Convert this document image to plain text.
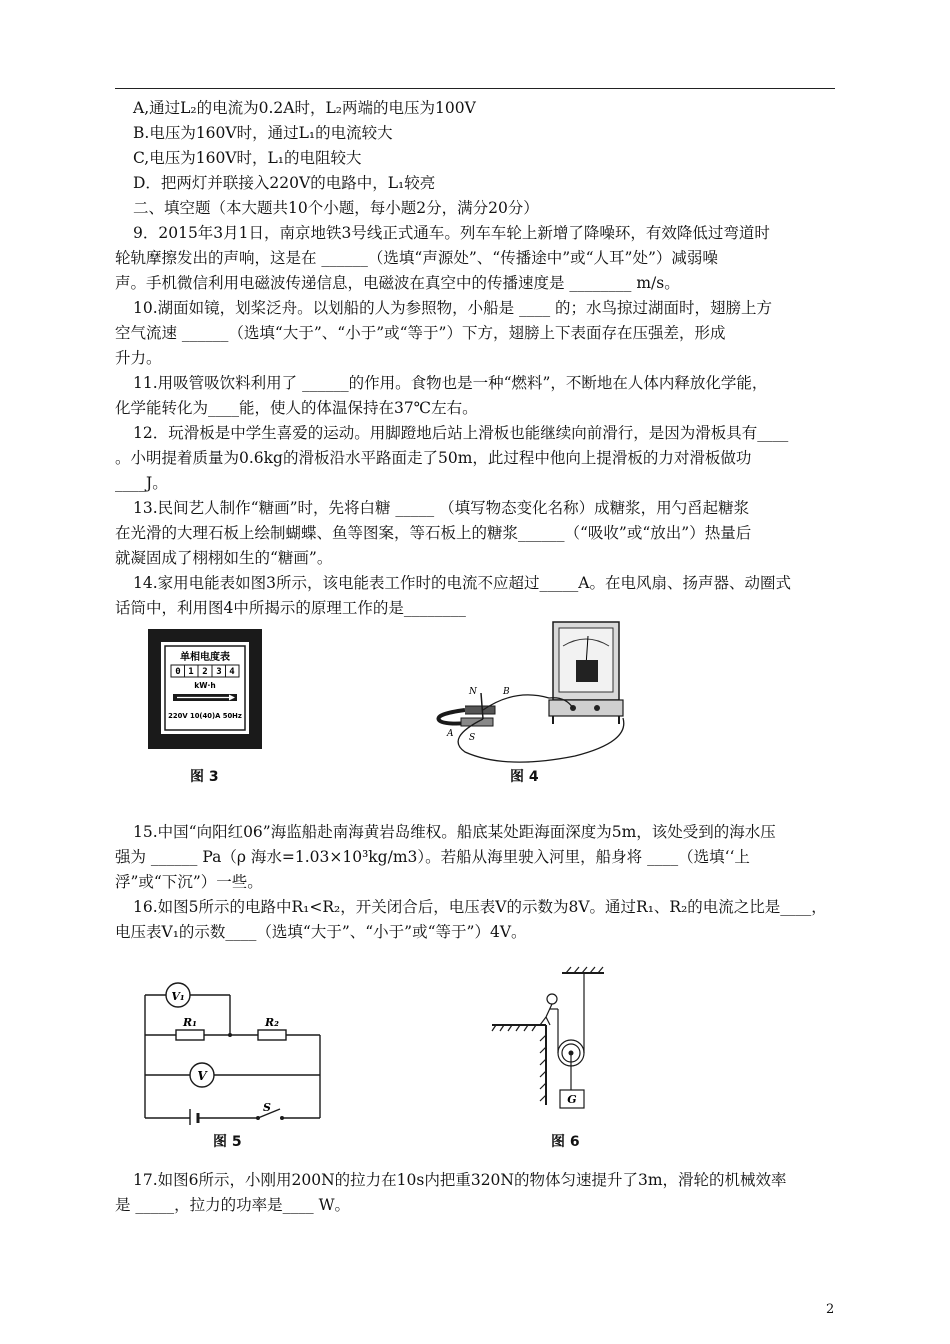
A,通过L₂的电流为0.2A时，L₂两端的电压为100V
B.电压为160V时，通过L₁的电流较大
C,电压为160V时，L₁的电阻较大
D．把两灯并联接入220V的电路中，L₁较亮
二、填空题（本大题共10个小题，每小题2分，满分20分）
9．2015年3月1日，南京地铁3号线正式通车。列车车轮上新增了降噪环，有效降低过弯道时
轮轨摩擦发出的声响，这是在 ______（选填“声源处”、“传播途中”或“人耳”处”）减弱噪
声。手机微信利用电磁波传递信息，电磁波在真空中的传播速度是 ________ m/s。
10.湖面如镜，划桨泛舟。以划船的人为参照物，小船是 ____ 的；水鸟掠过湖面时，翅膀上方
空气流速 ______（选填“大于”、“小于”或“等于”）下方，翅膀上下表面存在压强差，形成
升力。
11.用吸管吸饮料利用了 ______的作用。食物也是一种“燃料”，不断地在人体内释放化学能，
化学能转化为____能，使人的体温保持在37℃左右。
12．玩滑板是中学生喜爱的运动。用脚蹬地后站上滑板也能继续向前滑行，是因为滑板具有____
。小明提着质量为0.6kg的滑板沿水平路面走了50m，此过程中他向上提滑板的力对滑板做功
____J。
13.民间艺人制作“糖画”时，先将白糖 _____ （填写物态变化名称）成糖浆，用勺舀起糖浆
在光滑的大理石板上绘制蝴蝶、鱼等图案，等石板上的糖浆______（“吸收”或“放出”）热量后
就凝固成了栩栩如生的“糖画”。
14.家用电能表如图3所示，该电能表工作时的电流不应超过_____A。在电风扇、扬声器、动圈式
话筒中，利用图4中所揭示的原理工作的是________
单相电度表
0 1 2 3 4
kW·h
220V 10(40)A 50Hz
图 3
N	B
A S
图 4
15.中国“向阳红06”海监船赴南海黄岩岛维权。船底某处距海面深度为5m，该处受到的海水压
强为 ______ Pa（ρ 海水=1.03×10³kg/m3）。若船从海里驶入河里，船身将 ____（选填‘‘上
浮”或“下沉”）一些。
16.如图5所示的电路中R₁<R₂，开关闭合后，电压表V的示数为8V。通过R₁、R₂的电流之比是____，
电压表V₁的示数____（选填“大于”、“小于”或“等于”）4V。
V₁
R₁	R₂
V
S
图 5
G
图 6
17.如图6所示，小刚用200N的拉力在10s内把重320N的物体匀速提升了3m，滑轮的机械效率
是 _____，拉力的功率是____ W。
2
